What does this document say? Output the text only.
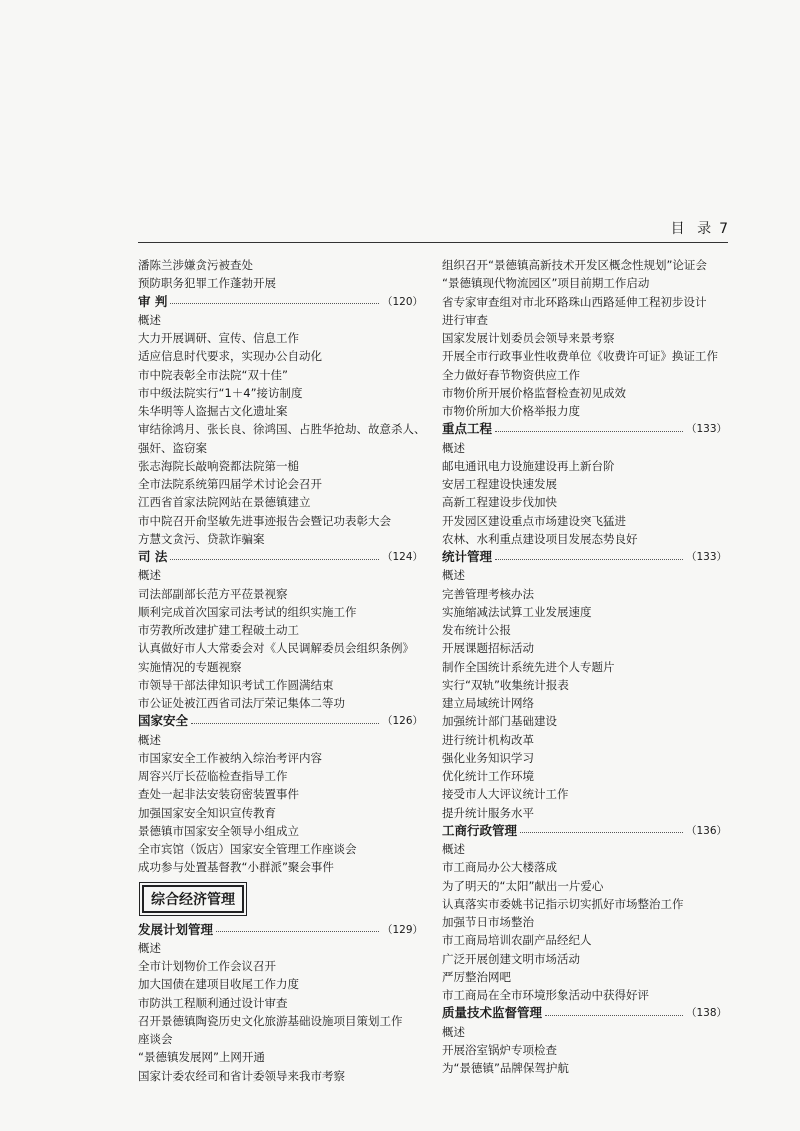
目 录 7
潘陈兰涉嫌贪污被查处
预防职务犯罪工作蓬勃开展
审 判	（120）
概述
大力开展调研、宣传、信息工作
适应信息时代要求，实现办公自动化
市中院表彰全市法院“双十佳”
市中级法院实行“1＋4”接访制度
朱华明等人盗掘古文化遗址案
审结徐鸿月、张长良、徐鸿国、占胜华抢劫、故意杀人、
强奸、盗窃案
张志海院长敲响瓷都法院第一槌
全市法院系统第四届学术讨论会召开
江西省首家法院网站在景德镇建立
市中院召开俞坚敏先进事迹报告会暨记功表彰大会
方慧文贪污、贷款诈骗案
司 法	（124）
概述
司法部副部长范方平莅景视察
顺利完成首次国家司法考试的组织实施工作
市劳教所改建扩建工程破土动工
认真做好市人大常委会对《人民调解委员会组织条例》
实施情况的专题视察
市领导干部法律知识考试工作圆满结束
市公证处被江西省司法厅荣记集体二等功
国家安全	（126）
概述
市国家安全工作被纳入综治考评内容
周容兴厅长莅临检查指导工作
查处一起非法安装窃密装置事件
加强国家安全知识宣传教育
景德镇市国家安全领导小组成立
全市宾馆（饭店）国家安全管理工作座谈会
成功参与处置基督教“小群派”聚会事件
综合经济管理
发展计划管理	（129）
概述
全市计划物价工作会议召开
加大国债在建项目收尾工作力度
市防洪工程顺利通过设计审查
召开景德镇陶瓷历史文化旅游基础设施项目策划工作
座谈会
“景德镇发展网”上网开通
国家计委农经司和省计委领导来我市考察
组织召开“景德镇高新技术开发区概念性规划”论证会
“景德镇现代物流园区”项目前期工作启动
省专家审查组对市北环路珠山西路延伸工程初步设计
进行审查
国家发展计划委员会领导来景考察
开展全市行政事业性收费单位《收费许可证》换证工作
全力做好春节物资供应工作
市物价所开展价格监督检查初见成效
市物价所加大价格举报力度
重点工程	（133）
概述
邮电通讯电力设施建设再上新台阶
安居工程建设快速发展
高新工程建设步伐加快
开发园区建设重点市场建设突飞猛进
农林、水利重点建设项目发展态势良好
统计管理	（133）
概述
完善管理考核办法
实施缩减法试算工业发展速度
发布统计公报
开展课题招标活动
制作全国统计系统先进个人专题片
实行“双轨”收集统计报表
建立局域统计网络
加强统计部门基础建设
进行统计机构改革
强化业务知识学习
优化统计工作环境
接受市人大评议统计工作
提升统计服务水平
工商行政管理	（136）
概述
市工商局办公大楼落成
为了明天的“太阳”献出一片爱心
认真落实市委姚书记指示切实抓好市场整治工作
加强节日市场整治
市工商局培训农副产品经纪人
广泛开展创建文明市场活动
严厉整治网吧
市工商局在全市环境形象活动中获得好评
质量技术监督管理	（138）
概述
开展浴室锅炉专项检查
为“景德镇”品牌保驾护航
